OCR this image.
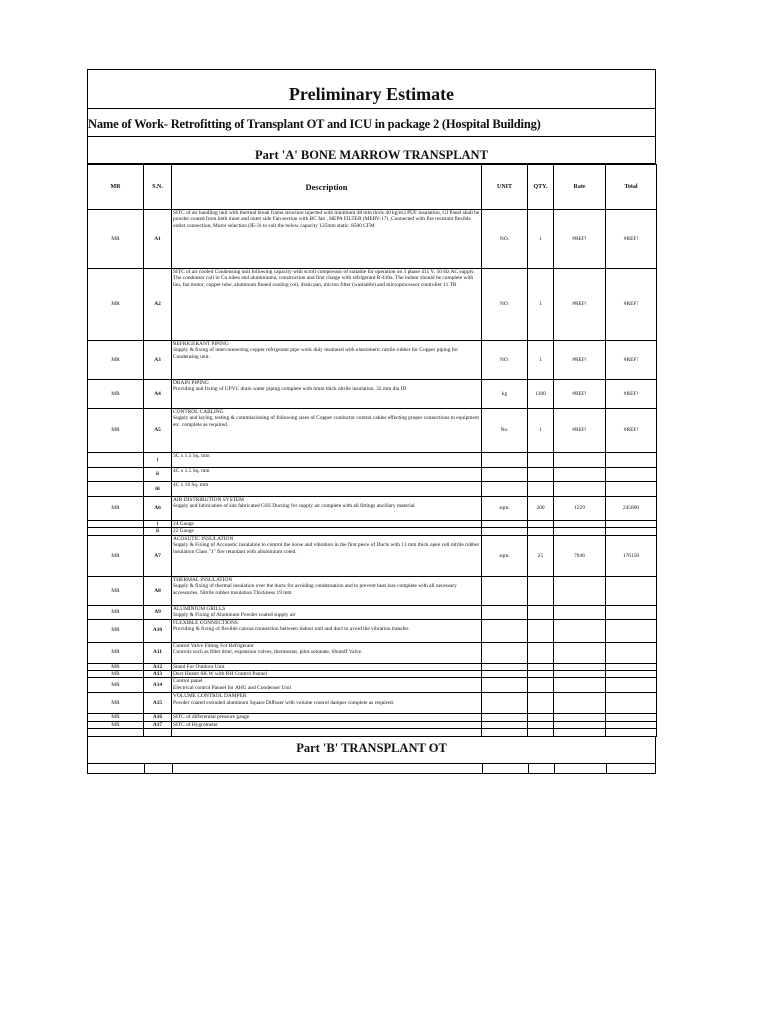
Preliminary Estimate
Name of Work- Retrofitting of Transplant OT and ICU in package 2 (Hospital Building)
Part 'A' BONE MARROW TRANSPLANT
MR	S.N.	Description	UNIT	QTY.	Rate	Total
MR	A1	SITC of air handling unit with thermal break frame structure injected with minimum 48 mm thick 40 kg/m3 PUF insulation, GI Panel shall be powder coated from both inner and outer side Fan section with BC fan , HEPA FILTER (MERV-17) ,Connected with fire resistant flexible outlet connection, Motor selection (IE-3) to suit the below capacity 125mm static. 8500 CFM	NO.	1	#REF!	#REF!
MR	A2	SITC of air cooled Condensing unit following capacity with scroll compressor of suitable for operation on 3 phase 415 V, 50 Hz AC supply. The condenser coil in Cu tubes and aluminiuma, construction and first charge with refrigerant R-410a. The indoor should be complete with fan, fan motor, copper tube, aluminum finned cooling coil, drain pan, micron filter (washable) and microprocessor controller 11 TR	NO.	1	#REF!	#REF!
MR	A3	REFRIGERANT PIPING
Supply & fixing of interconnecting copper refrigerant pipe work duly insulated with elastomeric nitrile rubber for Copper piping for Condensing unit.	NO.	1	#REF!	#REF!
MR	A4	DRAIN PIPING
Providing and fixing of UPVC drain water piping complete with 6mm thick nitrile insulation. 32 mm dia ID	kg	1300	#REF!	#REF!
MR	A5	CONTROL CABLING
Supply and laying, testing & commissioning of following sizes of Copper conductor control cables effecting proper connections to equipment etc. complete as required.	No.	1	#REF!	#REF!
	i	3C x 1.5 Sq. mm				
	ii	4C x 1.5 Sq. mm				
	iii	4C x 16 Sq. mm				
MR	A6	AIR DISTRIBUTION SYSTEM
Supply and fabrication of site fabricated GSS Ducting for supply air complete with all fittings ancillary material	sqm.	200	1229	245800
	i	24 Gauge				
	ii	22 Gauge				
MR	A7	ACOSUTIC INSULATION
Supply & Fixing of Accoustic insulation to control the noise and vibration in the first piece of Ducts with 13 mm thick open cell nitrile rubber insulation Class "1" fire retardant with alluminium coted.	sqm.	25	7046	176150
MR	A8	THERMAL INSULATION
Supply & fixing of thermal insulation over the ducts for avoiding condensation and to prevent heat loss complete with all necessary accessories. Nitrile rubber insulation Thickness 19 mm				
MR	A9	ALUMINIUM GRILLS
Supply & Fixing of Aluminum Powder coated supply air				
MR	A10	FLEXIBLE CONNECTIONS
Providing & fixing of flexible canvas connection between indoor unit and duct to avoid the vibration transfer.				
MR	A11	Control Valve Fitting For Refrigerant
Controls such as filter drier, expansion valves, thermostat, pilot solonate, Shutoff Valve.				
MR	A12	Stand For Outdoor Unit				
MR	A13	Duct Heater 6K.W with RH Control Pannel				
MR	A14	Control panel
Electrical control Pannel for AHU and Condenser Unit				
MR	A15	VOLUME CONTROL DAMPER
Powder coated extruded aluminum Square Diffuser with volume control damper complete as required.				
MR	A16	SITC of differential pressure gauge				
MR	A17	SITC of Hygrometer				

Part 'B' TRANSPLANT OT
